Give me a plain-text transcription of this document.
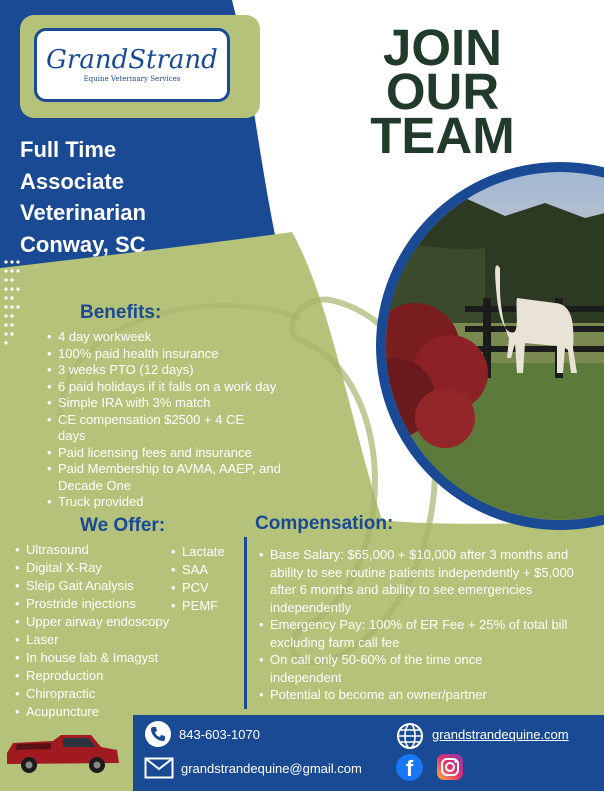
GrandStrand
Equine Veterinary Services
JOIN
OUR
TEAM
Full Time
Associate
Veterinarian
Conway, SC
Benefits:
• 4 day workweek
• 100% paid health insurance
• 3 weeks PTO (12 days)
• 6 paid holidays if it falls on a work day
• Simple IRA with 3% match
• CE compensation $2500 + 4 CE days
• Paid licensing fees and insurance
• Paid Membership to AVMA, AAEP, and Decade One
• Truck provided
We Offer:
• Ultrasound
• Digital X-Ray
• Sleip Gait Analysis
• Prostride injections
• Upper airway endoscopy
• Laser
• In house lab & Imagyst
• Reproduction
• Chiropractic
• Acupuncture
• Lactate
• SAA
• PCV
• PEMF
Compensation:
• Base Salary: $65,000 + $10,000 after 3 months and ability to see routine patients independently + $5,000 after 6 months and ability to see emergencies independently
• Emergency Pay: 100% of ER Fee + 25% of total bill excluding farm call fee
• On call only 50-60% of the time once independent
• Potential to become an owner/partner
843-603-1070
grandstrandequine@gmail.com
grandstrandequine.com
f
